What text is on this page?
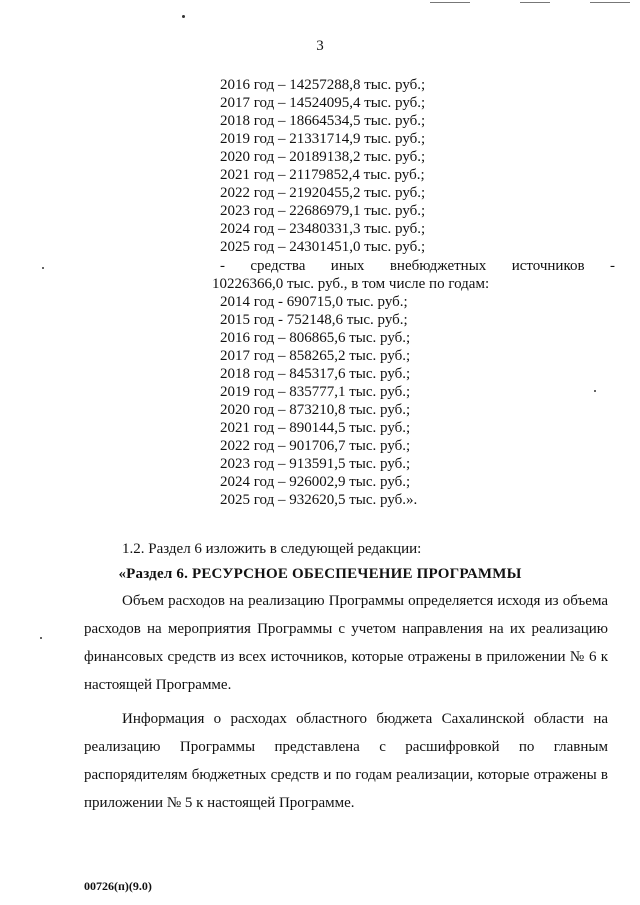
3
2016 год – 14257288,8 тыс. руб.;
2017 год – 14524095,4 тыс. руб.;
2018 год – 18664534,5 тыс. руб.;
2019 год – 21331714,9 тыс. руб.;
2020 год – 20189138,2 тыс. руб.;
2021 год – 21179852,4 тыс. руб.;
2022 год – 21920455,2 тыс. руб.;
2023 год – 22686979,1 тыс. руб.;
2024 год – 23480331,3 тыс. руб.;
2025 год – 24301451,0 тыс. руб.;
- средства иных внебюджетных источников -
10226366,0 тыс. руб., в том числе по годам:
2014 год - 690715,0 тыс. руб.;
2015 год - 752148,6 тыс. руб.;
2016 год – 806865,6 тыс. руб.;
2017 год – 858265,2 тыс. руб.;
2018 год – 845317,6 тыс. руб.;
2019 год – 835777,1 тыс. руб.;
2020 год – 873210,8 тыс. руб.;
2021 год – 890144,5 тыс. руб.;
2022 год – 901706,7 тыс. руб.;
2023 год – 913591,5 тыс. руб.;
2024 год – 926002,9 тыс. руб.;
2025 год – 932620,5 тыс. руб.».

1.2. Раздел 6 изложить в следующей редакции:

«Раздел 6. РЕСУРСНОЕ ОБЕСПЕЧЕНИЕ ПРОГРАММЫ

Объем расходов на реализацию Программы определяется исходя из объема расходов на мероприятия Программы с учетом направления на их реализацию финансовых средств из всех источников, которые отражены в приложении № 6 к настоящей Программе.

Информация о расходах областного бюджета Сахалинской области на реализацию Программы представлена с расшифровкой по главным распорядителям бюджетных средств и по годам реализации, которые отражены в приложении № 5 к настоящей Программе.

00726(п)(9.0)
